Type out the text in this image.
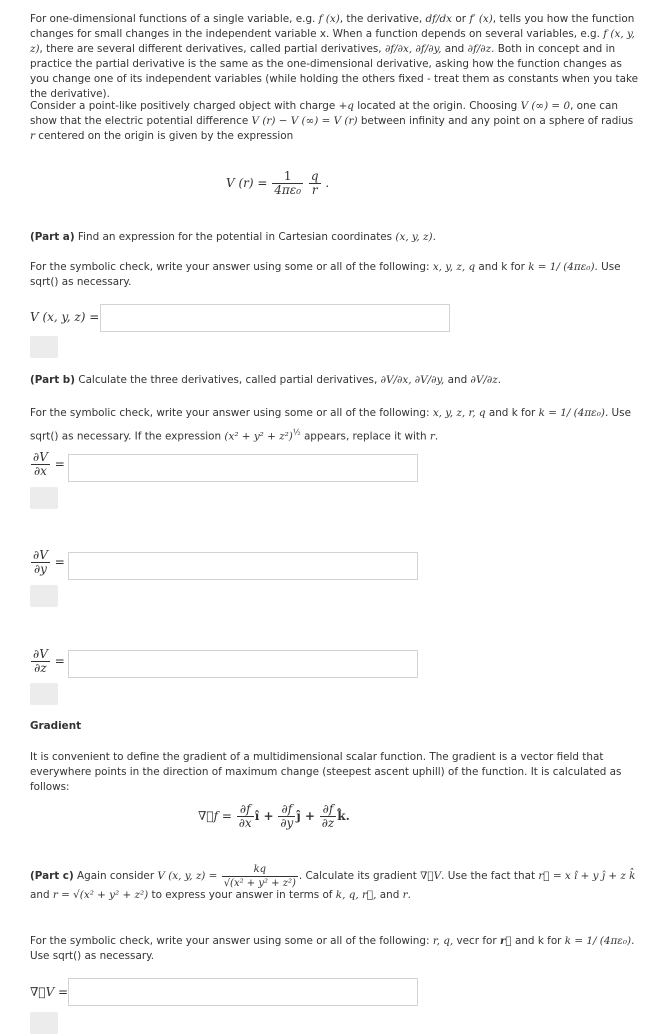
For one-dimensional functions of a single variable, e.g. f (x), the derivative, df/dx or f′ (x), tells you how the function changes for small changes in the independent variable x. When a function depends on several variables, e.g. f (x, y, z), there are several different derivatives, called partial derivatives, ∂f/∂x, ∂f/∂y, and ∂f/∂z. Both in concept and in practice the partial derivative is the same as the one-dimensional derivative, asking how the function changes as you change one of its independent variables (while holding the others fixed - treat them as constants when you take the derivative).

Consider a point-like positively charged object with charge +q located at the origin. Choosing V (∞) = 0, one can show that the electric potential difference V (r) − V (∞) = V (r) between infinity and any point on a sphere of radius r centered on the origin is given by the expression

V $(r) = \frac{1}{\text{4πε₀}}$
$\frac{q}{r}$ .

(Part a) Find an expression for the potential in Cartesian coordinates (x, y, z).

For the symbolic check, write your answer using some or all of the following: x, y, z, q and k for k = 1/ (4πε₀). Use sqrt() as necessary.

V (x, y, z) =

(Part b) Calculate the three derivatives, called partial derivatives, ∂V/∂x, ∂V/∂y, and ∂V/∂z.

For the symbolic check, write your answer using some or all of the following: x, y, z, r, q and k for k = 1/ (4πε₀). Use sqrt() as necessary. If the expression $(x^2 + y^2 + z^2)^{\frac{1}{2}}$ appears, replace it with r.

$\frac{\partial V}{\partial x}$ =
$\frac{\partial V}{\partial y}$ =
$\frac{\partial V}{\partial z}$ =
Gradient

It is convenient to define the gradient of a multidimensional scalar function. The gradient is a vector field that everywhere points in the direction of maximum change (steepest ascent uphill) of the function. It is calculated as follows:

∇⃗f = $\frac{\partial f}{\partial x}$ î + $\frac{\partial f}{\partial y}$ ĵ + $\frac{\partial f}{\partial z}$ k̂.

(Part c) Again consider V (x, y, $z) = \frac{kq}{\text{√(x² + y² + z²)}}$ . Calculate its gradient ∇⃗V. Use the fact that r⃗ = x î + y ĵ + z k̂

and r = √(x² + y² + z²) to express your answer in terms of k, q, r⃗, and r.

For the symbolic check, write your answer using some or all of the following: r, q, vecr for r⃗ and k for k = 1/ (4πε₀). Use sqrt() as necessary.

∇⃗V =
